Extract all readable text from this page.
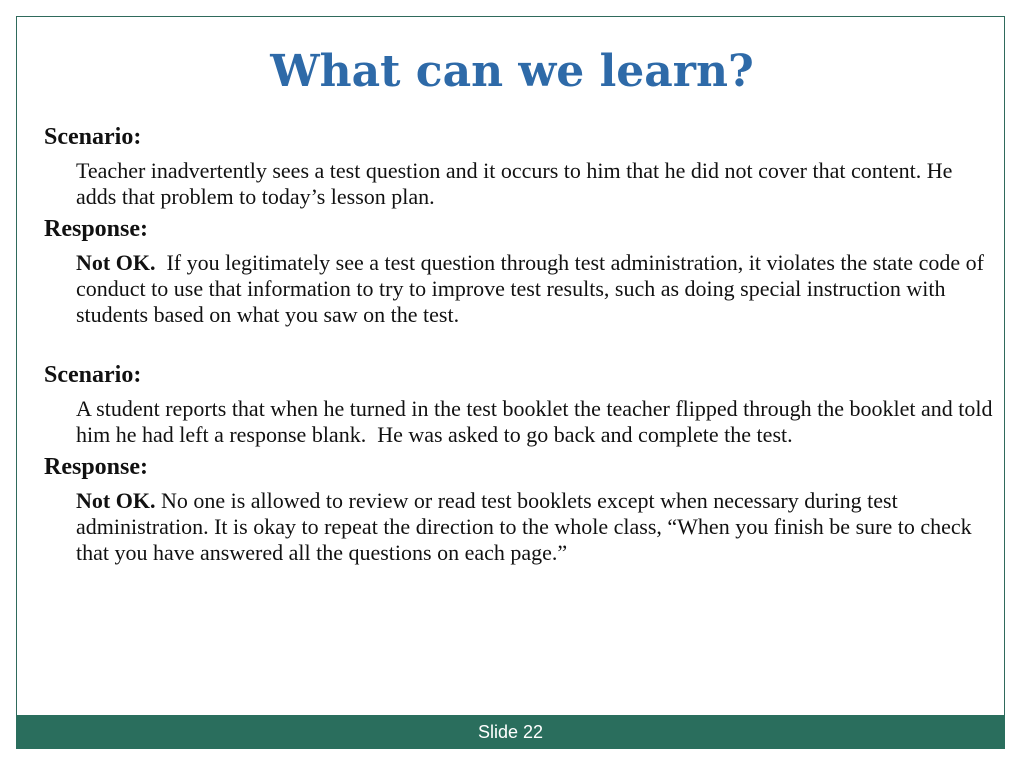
What can we learn?

Scenario:

Teacher inadvertently sees a test question and it occurs to him that he did not cover that content. He adds that problem to today’s lesson plan.

Response:

Not OK.  If you legitimately see a test question through test administration, it violates the state code of conduct to use that information to try to improve test results, such as doing special instruction with students based on what you saw on the test.

Scenario:

A student reports that when he turned in the test booklet the teacher flipped through the booklet and told him he had left a response blank.  He was asked to go back and complete the test.

Response:

Not OK. No one is allowed to review or read test booklets except when necessary during test administration. It is okay to repeat the direction to the whole class, “When you finish be sure to check that you have answered all the questions on each page.”

Slide 22
